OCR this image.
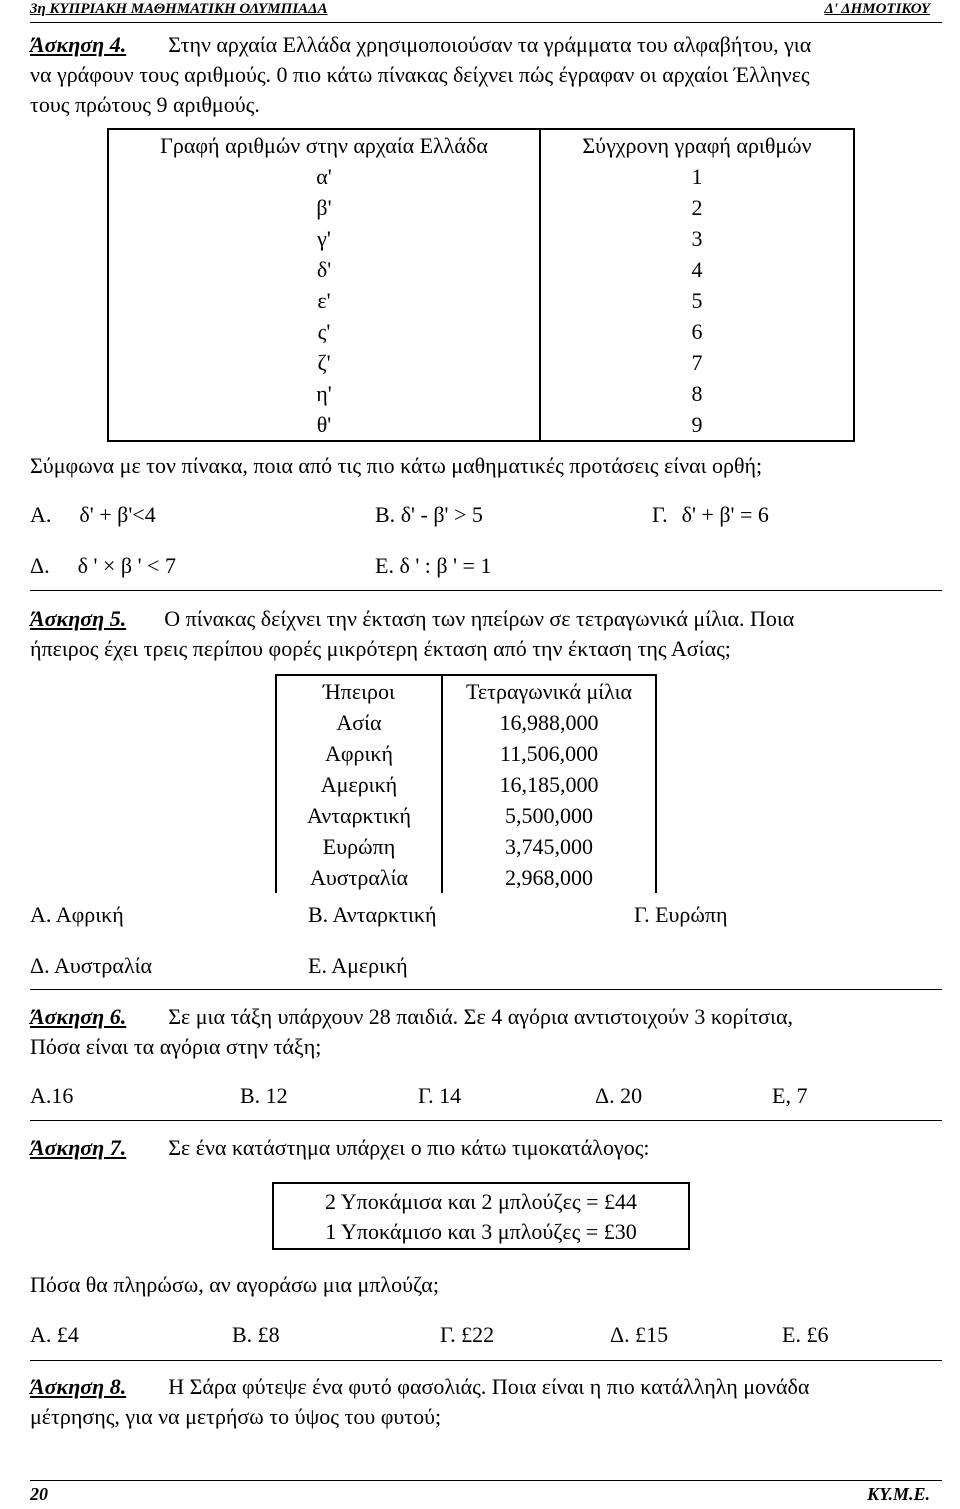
3η ΚΥΠΡΙΑΚΗ ΜΑΘΗΜΑΤΙΚΗ ΟΛΥΜΠΙΑΔΑ	Δ' ΔΗΜΟΤΙΚΟΥ
Άσκηση 4. Στην αρχαία Ελλάδα χρησιμοποιούσαν τα γράμματα του αλφαβήτου, για
να γράφουν τους αριθμούς. 0 πιο κάτω πίνακας δείχνει πώς έγραφαν οι αρχαίοι Έλληνες
τους πρώτους 9 αριθμούς.
Γραφή αριθμών στην αρχαία Ελλάδα	Σύγχρονη γραφή αριθμών
α'	1
β'	2
γ'	3
δ'	4
ε'	5
ς'	6
ζ'	7
η'	8
θ'	9
Σύμφωνα με τον πίνακα, ποια από τις πιο κάτω μαθηματικές προτάσεις είναι ορθή;
Α. δ' + β'<4	Β. δ' - β' > 5	Γ. δ' + β' = 6
Δ. δ ' × β ' < 7	Ε. δ ' : β ' = 1
Άσκηση 5. Ο πίνακας δείχνει την έκταση των ηπείρων σε τετραγωνικά μίλια. Ποια
ήπειρος έχει τρεις περίπου φορές μικρότερη έκταση από την έκταση της Ασίας;
Ήπειροι	Τετραγωνικά μίλια
Ασία	16,988,000
Αφρική	11,506,000
Αμερική	16,185,000
Ανταρκτική	5,500,000
Ευρώπη	3,745,000
Αυστραλία	2,968,000
Α. Αφρική	Β. Ανταρκτική	Γ. Ευρώπη
Δ. Αυστραλία	Ε. Αμερική
Άσκηση 6. Σε μια τάξη υπάρχουν 28 παιδιά. Σε 4 αγόρια αντιστοιχούν 3 κορίτσια,
Πόσα είναι τα αγόρια στην τάξη;
Α.16	Β. 12	Γ. 14	Δ. 20	Ε, 7
Άσκηση 7. Σε ένα κατάστημα υπάρχει ο πιο κάτω τιμοκατάλογος:
2 Υποκάμισα και 2 μπλούζες = £44
1 Υποκάμισο και 3 μπλούζες = £30
Πόσα θα πληρώσω, αν αγοράσω μια μπλούζα;
Α. £4	Β. £8	Γ. £22	Δ. £15	Ε. £6
Άσκηση 8. Η Σάρα φύτεψε ένα φυτό φασολιάς. Ποια είναι η πιο κατάλληλη μονάδα
μέτρησης, για να μετρήσω το ύψος του φυτού;
20	ΚΥ.Μ.Ε.
